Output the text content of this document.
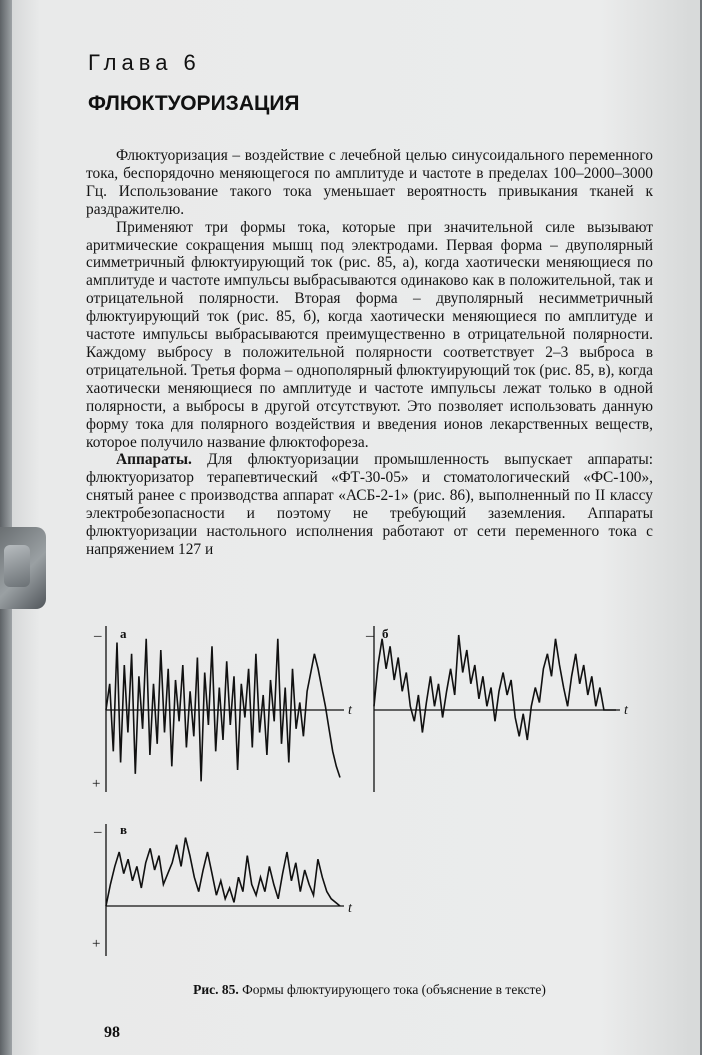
Глава 6
ФЛЮКТУОРИЗАЦИЯ

Флюктуоризация – воздействие с лечебной целью синусоидального переменного тока, беспорядочно меняющегося по амплитуде и частоте в пределах 100–2000–3000 Гц. Использование такого тока уменьшает вероятность привыкания тканей к раздражителю.

Применяют три формы тока, которые при значительной силе вызывают аритмические сокращения мышц под электродами. Первая форма – двуполярный симметричный флюктуирующий ток (рис. 85, а), когда хаотически меняющиеся по амплитуде и частоте импульсы выбрасываются одинаково как в положительной, так и отрицательной полярности. Вторая форма – двуполярный несимметричный флюктуирующий ток (рис. 85, б), когда хаотически меняющиеся по амплитуде и частоте импульсы выбрасываются преимущественно в отрицательной полярности. Каждому выбросу в положительной полярности соответствует 2–3 выброса в отрицательной. Третья форма – однополярный флюктуирующий ток (рис. 85, в), когда хаотически меняющиеся по амплитуде и частоте импульсы лежат только в одной полярности, а выбросы в другой отсутствуют. Это позволяет использовать данную форму тока для полярного воздействия и введения ионов лекарственных веществ, которое получило название флюктофореза.

Аппараты. Для флюктуоризации промышленность выпускает аппараты: флюктуоризатор терапевтический «ФТ-30-05» и стоматологический «ФС-100», снятый ранее с производства аппарат «АСБ-2-1» (рис. 86), выполненный по II классу электробезопасности и поэтому не требующий заземления. Аппараты флюктуоризации настольного исполнения работают от сети переменного тока с напряжением 127 и

– а
t
+
– б
t
– в
t
+
Рис. 85. Формы флюктуирующего тока (объяснение в тексте)
98
